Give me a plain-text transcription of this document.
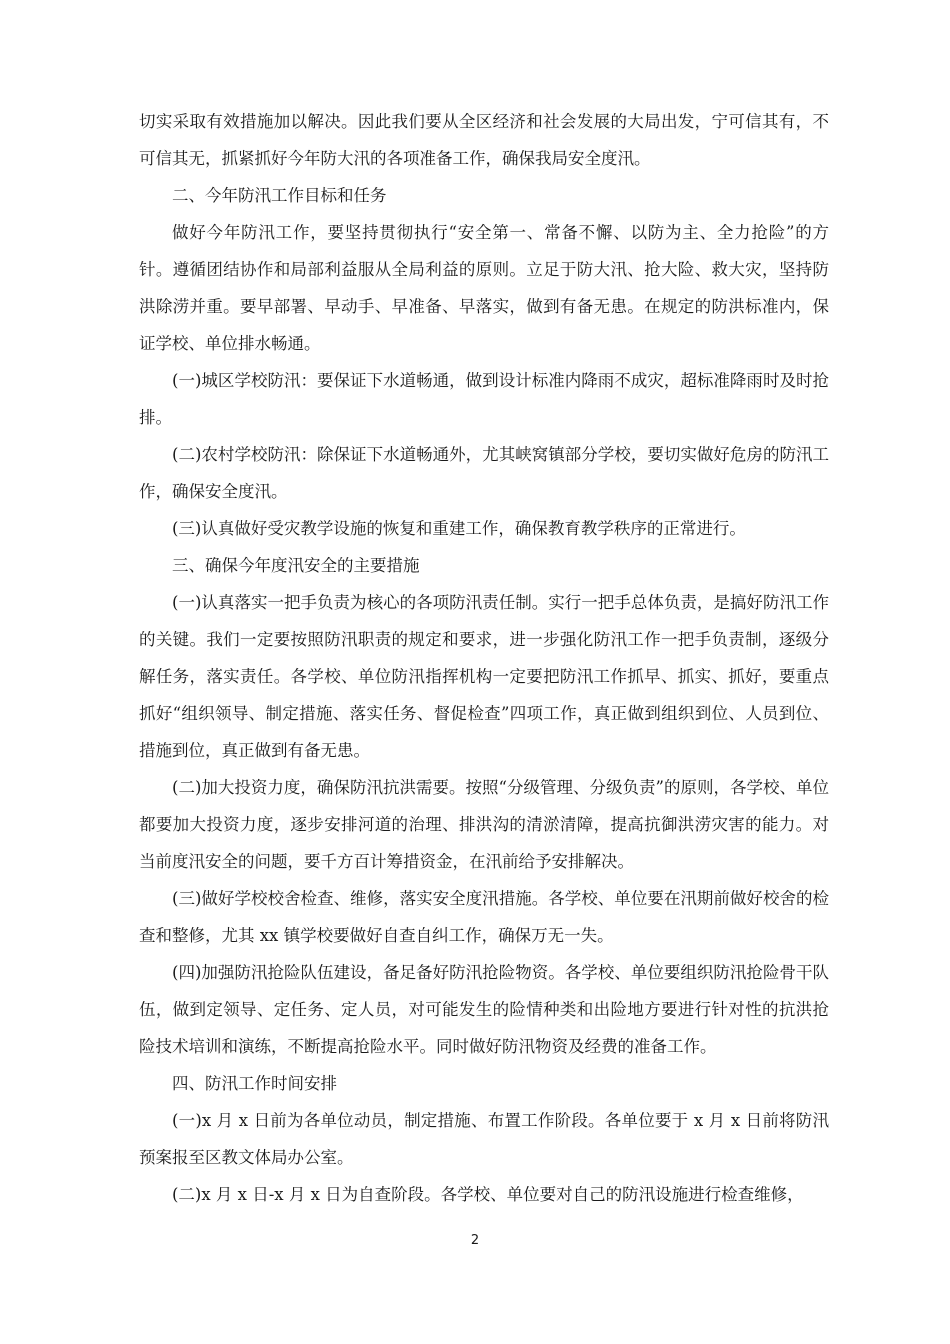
切实采取有效措施加以解决。因此我们要从全区经济和社会发展的大局出发，宁可信其有，不可信其无，抓紧抓好今年防大汛的各项准备工作，确保我局安全度汛。

二、今年防汛工作目标和任务

做好今年防汛工作，要坚持贯彻执行“安全第一、常备不懈、以防为主、全力抢险”的方针。遵循团结协作和局部利益服从全局利益的原则。立足于防大汛、抢大险、救大灾，坚持防洪除涝并重。要早部署、早动手、早准备、早落实，做到有备无患。在规定的防洪标准内，保证学校、单位排水畅通。

(一)城区学校防汛：要保证下水道畅通，做到设计标准内降雨不成灾，超标准降雨时及时抢排。

(二)农村学校防汛：除保证下水道畅通外，尤其峡窝镇部分学校，要切实做好危房的防汛工作，确保安全度汛。

(三)认真做好受灾教学设施的恢复和重建工作，确保教育教学秩序的正常进行。

三、确保今年度汛安全的主要措施

(一)认真落实一把手负责为核心的各项防汛责任制。实行一把手总体负责，是搞好防汛工作的关键。我们一定要按照防汛职责的规定和要求，进一步强化防汛工作一把手负责制，逐级分解任务，落实责任。各学校、单位防汛指挥机构一定要把防汛工作抓早、抓实、抓好，要重点抓好“组织领导、制定措施、落实任务、督促检查”四项工作，真正做到组织到位、人员到位、措施到位，真正做到有备无患。

(二)加大投资力度，确保防汛抗洪需要。按照“分级管理、分级负责”的原则，各学校、单位都要加大投资力度，逐步安排河道的治理、排洪沟的清淤清障，提高抗御洪涝灾害的能力。对当前度汛安全的问题，要千方百计筹措资金，在汛前给予安排解决。

(三)做好学校校舍检查、维修，落实安全度汛措施。各学校、单位要在汛期前做好校舍的检查和整修，尤其 xx 镇学校要做好自查自纠工作，确保万无一失。

(四)加强防汛抢险队伍建设，备足备好防汛抢险物资。各学校、单位要组织防汛抢险骨干队伍，做到定领导、定任务、定人员，对可能发生的险情种类和出险地方要进行针对性的抗洪抢险技术培训和演练，不断提高抢险水平。同时做好防汛物资及经费的准备工作。

四、防汛工作时间安排

(一)x 月 x 日前为各单位动员，制定措施、布置工作阶段。各单位要于 x 月 x 日前将防汛预案报至区教文体局办公室。

(二)x 月 x 日-x 月 x 日为自查阶段。各学校、单位要对自己的防汛设施进行检查维修，

2
